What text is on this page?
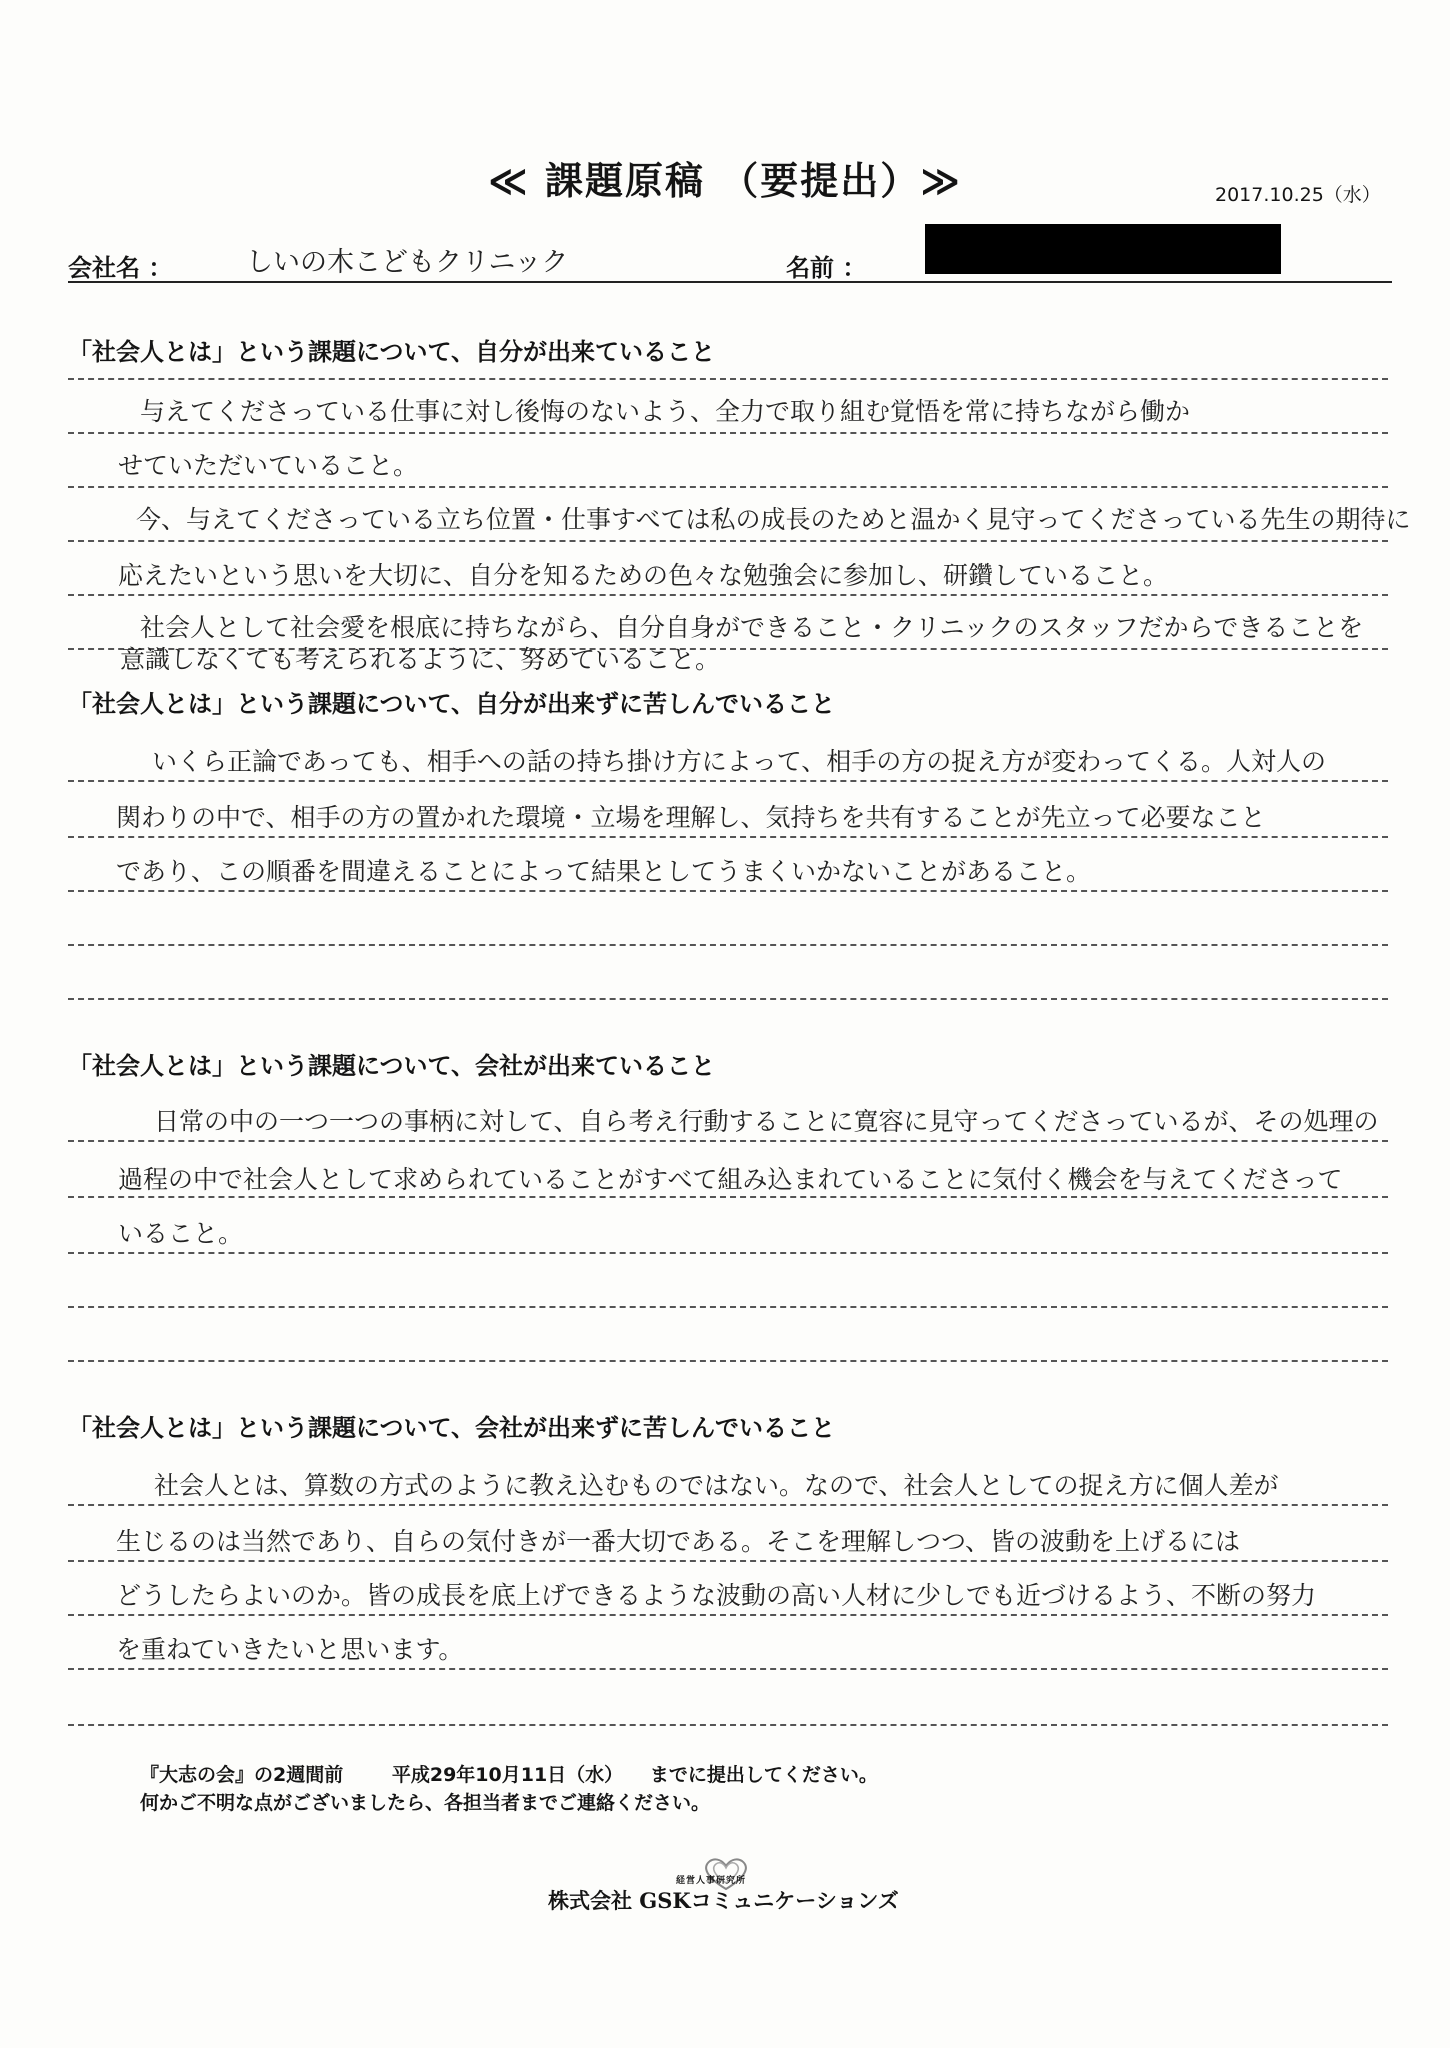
≪ 課題原稿 （要提出）≫	2017.10.25（水）
会社名 ：	しいの木こどもクリニック	名前 ：
「社会人とは」という課題について、自分が出来ていること
与えてくださっている仕事に対し後悔のないよう、全力で取り組む覚悟を常に持ちながら働か
せていただいていること。
今、与えてくださっている立ち位置・仕事すべては私の成長のためと温かく見守ってくださっている先生の期待に
応えたいという思いを大切に、自分を知るための色々な勉強会に参加し、研鑽していること。
社会人として社会愛を根底に持ちながら、自分自身ができること・クリニックのスタッフだからできることを
意識しなくても考えられるように、努めていること。
「社会人とは」という課題について、自分が出来ずに苦しんでいること
いくら正論であっても、相手への話の持ち掛け方によって、相手の方の捉え方が変わってくる。人対人の
関わりの中で、相手の方の置かれた環境・立場を理解し、気持ちを共有することが先立って必要なこと
であり、この順番を間違えることによって結果としてうまくいかないことがあること。
「社会人とは」という課題について、会社が出来ていること
日常の中の一つ一つの事柄に対して、自ら考え行動することに寛容に見守ってくださっているが、その処理の
過程の中で社会人として求められていることがすべて組み込まれていることに気付く機会を与えてくださって
いること。
「社会人とは」という課題について、会社が出来ずに苦しんでいること
社会人とは、算数の方式のように教え込むものではない。なので、社会人としての捉え方に個人差が
生じるのは当然であり、自らの気付きが一番大切である。そこを理解しつつ、皆の波動を上げるには
どうしたらよいのか。皆の成長を底上げできるような波動の高い人材に少しでも近づけるよう、不断の努力
を重ねていきたいと思います。
『大志の会』の2週間前	平成29年10月11日（水） までに提出してください。
何かご不明な点がございましたら、各担当者までご連絡ください。
経営人事研究所
株式会社 GSKコミュニケーションズ
